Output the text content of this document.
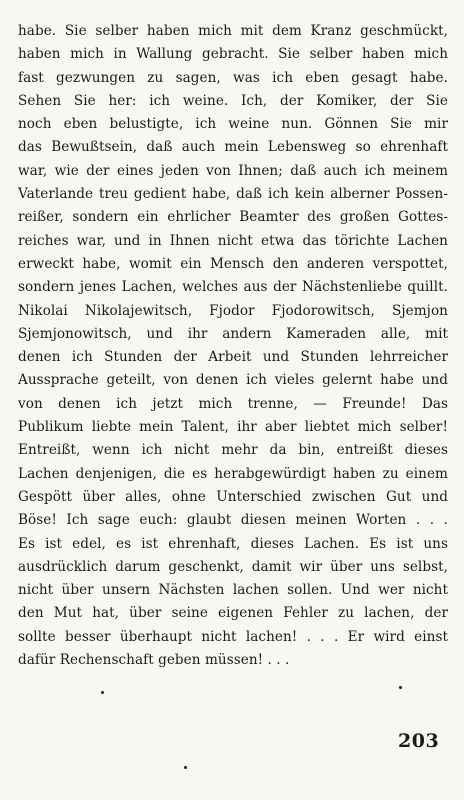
habe. Sie selber haben mich mit dem Kranz geschmückt,
haben mich in Wallung gebracht. Sie selber haben mich
fast gezwungen zu sagen, was ich eben gesagt habe.
Sehen Sie her: ich weine. Ich, der Komiker, der Sie
noch eben belustigte, ich weine nun. Gönnen Sie mir
das Bewußtsein, daß auch mein Lebensweg so ehrenhaft
war, wie der eines jeden von Ihnen; daß auch ich meinem
Vaterlande treu gedient habe, daß ich kein alberner Possen-
reißer, sondern ein ehrlicher Beamter des großen Gottes-
reiches war, und in Ihnen nicht etwa das törichte Lachen
erweckt habe, womit ein Mensch den anderen verspottet,
sondern jenes Lachen, welches aus der Nächstenliebe quillt.
Nikolai Nikolajewitsch, Fjodor Fjodorowitsch, Sjemjon
Sjemjonowitsch, und ihr andern Kameraden alle, mit
denen ich Stunden der Arbeit und Stunden lehrreicher
Aussprache geteilt, von denen ich vieles gelernt habe und
von denen ich jetzt mich trenne, — Freunde! Das
Publikum liebte mein Talent, ihr aber liebtet mich selber!
Entreißt, wenn ich nicht mehr da bin, entreißt dieses
Lachen denjenigen, die es herabgewürdigt haben zu einem
Gespött über alles, ohne Unterschied zwischen Gut und
Böse! Ich sage euch: glaubt diesen meinen Worten . . .
Es ist edel, es ist ehrenhaft, dieses Lachen. Es ist uns
ausdrücklich darum geschenkt, damit wir über uns selbst,
nicht über unsern Nächsten lachen sollen. Und wer nicht
den Mut hat, über seine eigenen Fehler zu lachen, der
sollte besser überhaupt nicht lachen! . . . Er wird einst
dafür Rechenschaft geben müssen! . . .
203
